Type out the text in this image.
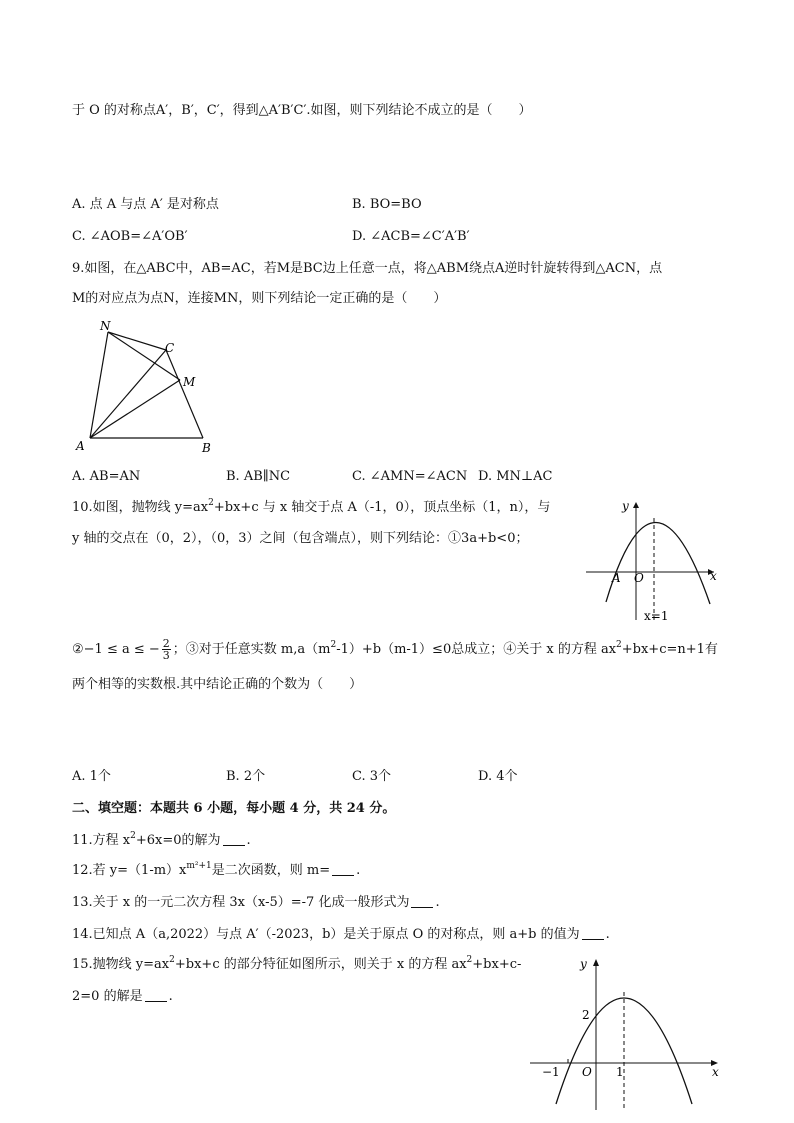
于 O 的对称点A′，B′，C′，得到△A′B′C′.如图，则下列结论不成立的是（　　）
A. 点 A 与点 A′ 是对称点	B. BO=BO
C. ∠AOB=∠A′OB′	D. ∠ACB=∠C′A′B′
9.如图，在△ABC中，AB=AC，若M是BC边上任意一点，将△ABM绕点A逆时针旋转得到△ACN，点
M的对应点为点N，连接MN，则下列结论一定正确的是（　　）
N
C
M
A	B
A. AB=AN	B. AB∥NC	C. ∠AMN=∠ACN D. MN⊥AC
10.如图，抛物线 $y=ax^2+bx+c$ 与 x 轴交于点 A（-1，0），顶点坐标（1，n），与
y 轴的交点在（0，2），（0，3）之间（包含端点），则下列结论：①3a+b<0；
y
x
A O
x=1
②−1 ≤ a ≤ − $\frac{2}{3}$ ；③对于任意实数 $m,a(m^2-1)+b(m-1)\le 0$总成立；④关于 x 的方程 $ax^2+bx+c=n+1$有
两个相等的实数根.其中结论正确的个数为（　　）
A. 1个	B. 2个	C. 3个	D. 4个
二、填空题：本题共 6 小题，每小题 4 分，共 24 分。
11.方程 $x^2+6x=0$的解为 .
12.若 $y=(1-m)x^{m^2+1}$是二次函数，则 m= .
13.关于 x 的一元二次方程 3x（x-5）=-7 化成一般形式为 .
14.已知点 A（a,2022）与点 A′（-2023，b）是关于原点 O 的对称点，则 a+b 的值为 .
15.抛物线 $y=ax^2+bx+c$ 的部分特征如图所示，则关于 x 的方程 $ax^2+bx+c-$
2=0 的解是 .
y
x
2
−1 O 1
